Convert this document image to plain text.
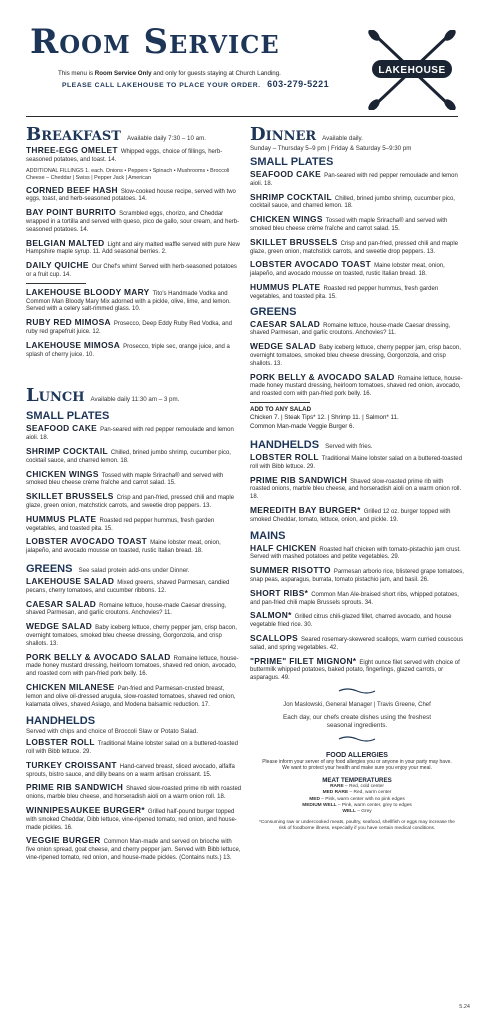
Room Service
This menu is Room Service Only and only for guests staying at Church Landing.
PLEASE CALL LAKEHOUSE TO PLACE YOUR ORDER. 603-279-5221
LAKEHOUSE
Breakfast Available daily 7:30 – 10 am.
THREE-EGG OMELET Whipped eggs, choice of fillings, herb-seasoned potatoes, and toast. 14.
ADDITIONAL FILLINGS 1. each. Onions • Peppers • Spinach • Mushrooms • Broccoli Cheese – Cheddar | Swiss | Pepper Jack | American
CORNED BEEF HASH Slow-cooked house recipe, served with two eggs, toast, and herb-seasoned potatoes. 14.
BAY POINT BURRITO Scrambled eggs, chorizo, and Cheddar wrapped in a tortilla and served with queso, pico de gallo, sour cream, and herb-seasoned potatoes. 14.
BELGIAN MALTED Light and airy malted waffle served with pure New Hampshire maple syrup. 11. Add seasonal berries. 2.
DAILY QUICHE Our Chef's whim! Served with herb-seasoned potatoes or a fruit cup. 14.
LAKEHOUSE BLOODY MARY Tito's Handmade Vodka and Common Man Bloody Mary Mix adorned with a pickle, olive, lime, and lemon. Served with a celery salt-rimmed glass. 10.
RUBY RED MIMOSA Prosecco, Deep Eddy Ruby Red Vodka, and ruby red grapefruit juice. 12.
LAKEHOUSE MIMOSA Prosecco, triple sec, orange juice, and a splash of cherry juice. 10.
Lunch Available daily 11:30 am – 3 pm.
SMALL PLATES
SEAFOOD CAKE Pan-seared with red pepper remoulade and lemon aioli. 18.
SHRIMP COCKTAIL Chilled, brined jumbo shrimp, cucumber pico, cocktail sauce, and charred lemon. 18.
CHICKEN WINGS Tossed with maple Sriracha® and served with smoked bleu cheese crème fraîche and carrot salad. 15.
SKILLET BRUSSELS Crisp and pan-fried, pressed chili and maple glaze, green onion, matchstick carrots, and sweetie drop peppers. 13.
HUMMUS PLATE Roasted red pepper hummus, fresh garden vegetables, and toasted pita. 15.
LOBSTER AVOCADO TOAST Maine lobster meat, onion, jalapeño, and avocado mousse on toasted, rustic Italian bread. 18.
GREENS See salad protein add-ons under Dinner.
LAKEHOUSE SALAD Mixed greens, shaved Parmesan, candied pecans, cherry tomatoes, and cucumber ribbons. 12.
CAESAR SALAD Romaine lettuce, house-made Caesar dressing, shaved Parmesan, and garlic croutons. Anchovies? 11.
WEDGE SALAD Baby iceberg lettuce, cherry pepper jam, crisp bacon, overnight tomatoes, smoked bleu cheese dressing, Gorgonzola, and crisp shallots. 13.
PORK BELLY & AVOCADO SALAD Romaine lettuce, house-made honey mustard dressing, heirloom tomatoes, shaved red onion, avocado, and roasted corn with pan-fried pork belly. 16.
CHICKEN MILANESE Pan-fried and Parmesan-crusted breast, lemon and olive oil-dressed arugula, slow-roasted tomatoes, shaved red onion, kalamata olives, shaved Asiago, and Modena balsamic reduction. 17.
HANDHELDS
Served with chips and choice of Broccoli Slaw or Potato Salad.
LOBSTER ROLL Traditional Maine lobster salad on a buttered-toasted roll with Bibb lettuce. 29.
TURKEY CROISSANT Hand-carved breast, sliced avocado, alfalfa sprouts, bistro sauce, and dilly beans on a warm artisan croissant. 15.
PRIME RIB SANDWICH Shaved slow-roasted prime rib with roasted onions, marble bleu cheese, and horseradish aioli on a warm onion roll. 18.
WINNIPESAUKEE BURGER* Grilled half-pound burger topped with smoked Cheddar, Dibb lettuce, vine-ripened tomato, red onion, and house-made pickles. 16.
VEGGIE BURGER Common Man-made and served on brioche with five onion spread, goat cheese, and cherry pepper jam. Served with Bibb lettuce, vine-ripened tomato, red onion, and house-made pickles. (Contains nuts.) 13.
Dinner Available daily.
Sunday – Thursday 5–9 pm | Friday & Saturday 5–9:30 pm
SMALL PLATES
SEAFOOD CAKE Pan-seared with red pepper remoulade and lemon aioli. 18.
SHRIMP COCKTAIL Chilled, brined jumbo shrimp, cucumber pico, cocktail sauce, and charred lemon. 18.
CHICKEN WINGS Tossed with maple Sriracha® and served with smoked bleu cheese crème fraîche and carrot salad. 15.
SKILLET BRUSSELS Crisp and pan-fried, pressed chili and maple glaze, green onion, matchstick carrots, and sweetie drop peppers. 13.
LOBSTER AVOCADO TOAST Maine lobster meat, onion, jalapeño, and avocado mousse on toasted, rustic Italian bread. 18.
HUMMUS PLATE Roasted red pepper hummus, fresh garden vegetables, and toasted pita. 15.
GREENS
CAESAR SALAD Romaine lettuce, house-made Caesar dressing, shaved Parmesan, and garlic croutons. Anchovies? 11.
WEDGE SALAD Baby iceberg lettuce, cherry pepper jam, crisp bacon, overnight tomatoes, smoked bleu cheese dressing, Gorgonzola, and crisp shallots. 13.
PORK BELLY & AVOCADO SALAD Romaine lettuce, house-made honey mustard dressing, heirloom tomatoes, shaved red onion, avocado, and roasted corn with pan-fried pork belly. 16.
ADD TO ANY SALAD
Chicken 7. | Steak Tips* 12. | Shrimp 11. | Salmon* 11.
Common Man-made Veggie Burger 6.
HANDHELDS Served with fries.
LOBSTER ROLL Traditional Maine lobster salad on a buttered-toasted roll with Bibb lettuce. 29.
PRIME RIB SANDWICH Shaved slow-roasted prime rib with roasted onions, marble bleu cheese, and horseradish aioli on a warm onion roll. 18.
MEREDITH BAY BURGER* Grilled 12 oz. burger topped with smoked Cheddar, tomato, lettuce, onion, and pickle. 19.
MAINS
HALF CHICKEN Roasted half chicken with tomato-pistachio jam crust. Served with mashed potatoes and petite vegetables. 29.
SUMMER RISOTTO Parmesan arborio rice, blistered grape tomatoes, snap peas, asparagus, burrata, tomato pistachio jam, and basil. 26.
SHORT RIBS* Common Man Ale-braised short ribs, whipped potatoes, and pan-fried chili maple Brussels sprouts. 34.
SALMON* Grilled citrus chili-glazed fillet, charred avocado, and house vegetable fried rice. 30.
SCALLOPS Seared rosemary-skewered scallops, warm curried couscous salad, and spring vegetables. 42.
"PRIME" FILET MIGNON* Eight ounce filet served with choice of buttermilk whipped potatoes, baked potato, fingerlings, glazed carrots, or asparagus. 49.
Jon Maslowski, General Manager | Travis Greene, Chef
Each day, our chefs create dishes using the freshest seasonal ingredients.
FOOD ALLERGIES
Please inform your server of any food allergies you or anyone in your party may have. We want to protect your health and make sure you enjoy your meal.
MEAT TEMPERATURES
RARE – Red, cold center
MED RARE – Red, warm center
MED – Pink, warm center with no pink edges
MEDIUM WELL – Pink, warm center, grey to edges
WELL – Grey
*Consuming raw or undercooked meats, poultry, seafood, shellfish or eggs may increase the risk of foodborne illness, especially if you have certain medical conditions.
5.24
